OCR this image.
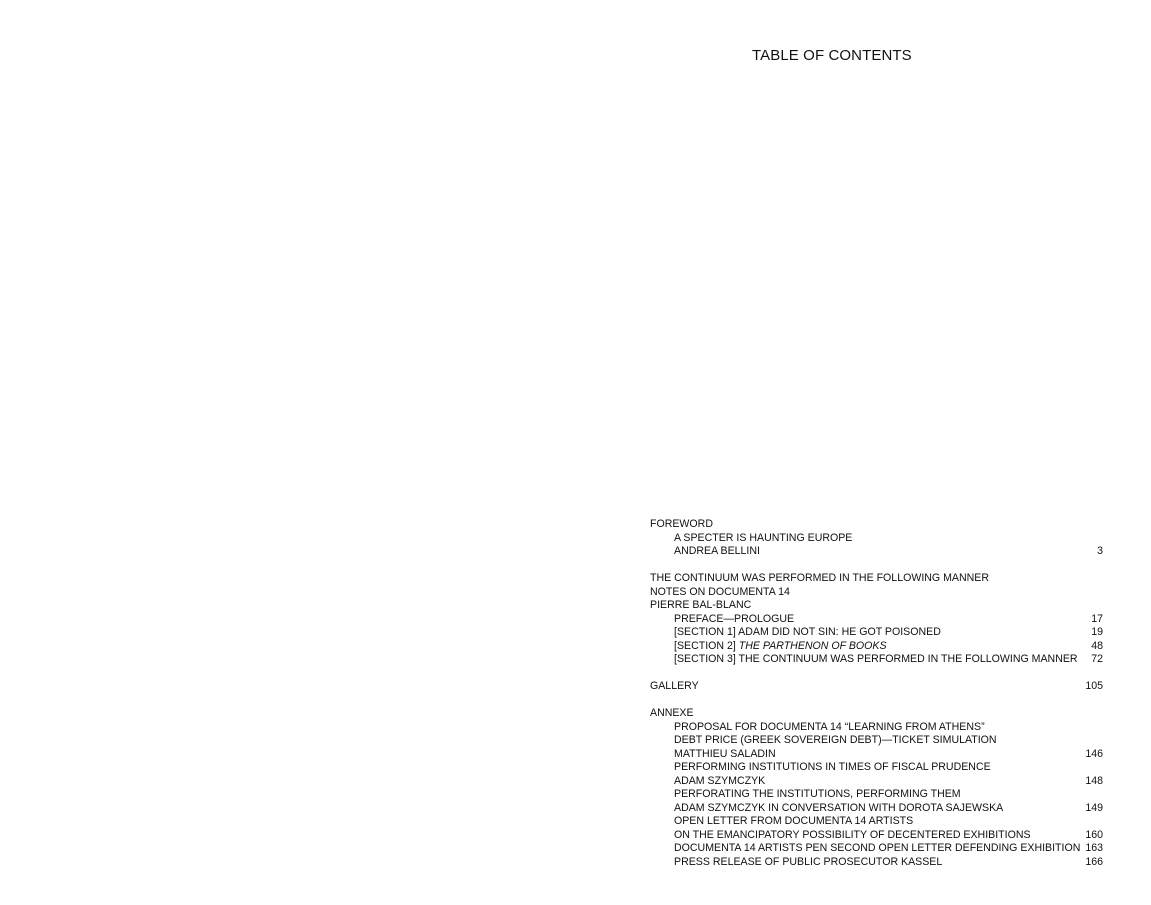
TABLE OF CONTENTS
FOREWORD
A SPECTER IS HAUNTING EUROPE
ANDREA BELLINI	3
THE CONTINUUM WAS PERFORMED IN THE FOLLOWING MANNER
NOTES ON DOCUMENTA 14
PIERRE BAL-BLANC
PREFACE—PROLOGUE	17
[SECTION 1] ADAM DID NOT SIN: HE GOT POISONED	19
[SECTION 2] THE PARTHENON OF BOOKS	48
[SECTION 3] THE CONTINUUM WAS PERFORMED IN THE FOLLOWING MANNER	72
GALLERY	105
ANNEXE
PROPOSAL FOR DOCUMENTA 14 “LEARNING FROM ATHENS”
DEBT PRICE (GREEK SOVEREIGN DEBT)—TICKET SIMULATION
MATTHIEU SALADIN	146
PERFORMING INSTITUTIONS IN TIMES OF FISCAL PRUDENCE
ADAM SZYMCZYK	148
PERFORATING THE INSTITUTIONS, PERFORMING THEM
ADAM SZYMCZYK IN CONVERSATION WITH DOROTA SAJEWSKA	149
OPEN LETTER FROM DOCUMENTA 14 ARTISTS
ON THE EMANCIPATORY POSSIBILITY OF DECENTERED EXHIBITIONS	160
DOCUMENTA 14 ARTISTS PEN SECOND OPEN LETTER DEFENDING EXHIBITION 163
PRESS RELEASE OF PUBLIC PROSECUTOR KASSEL	166
